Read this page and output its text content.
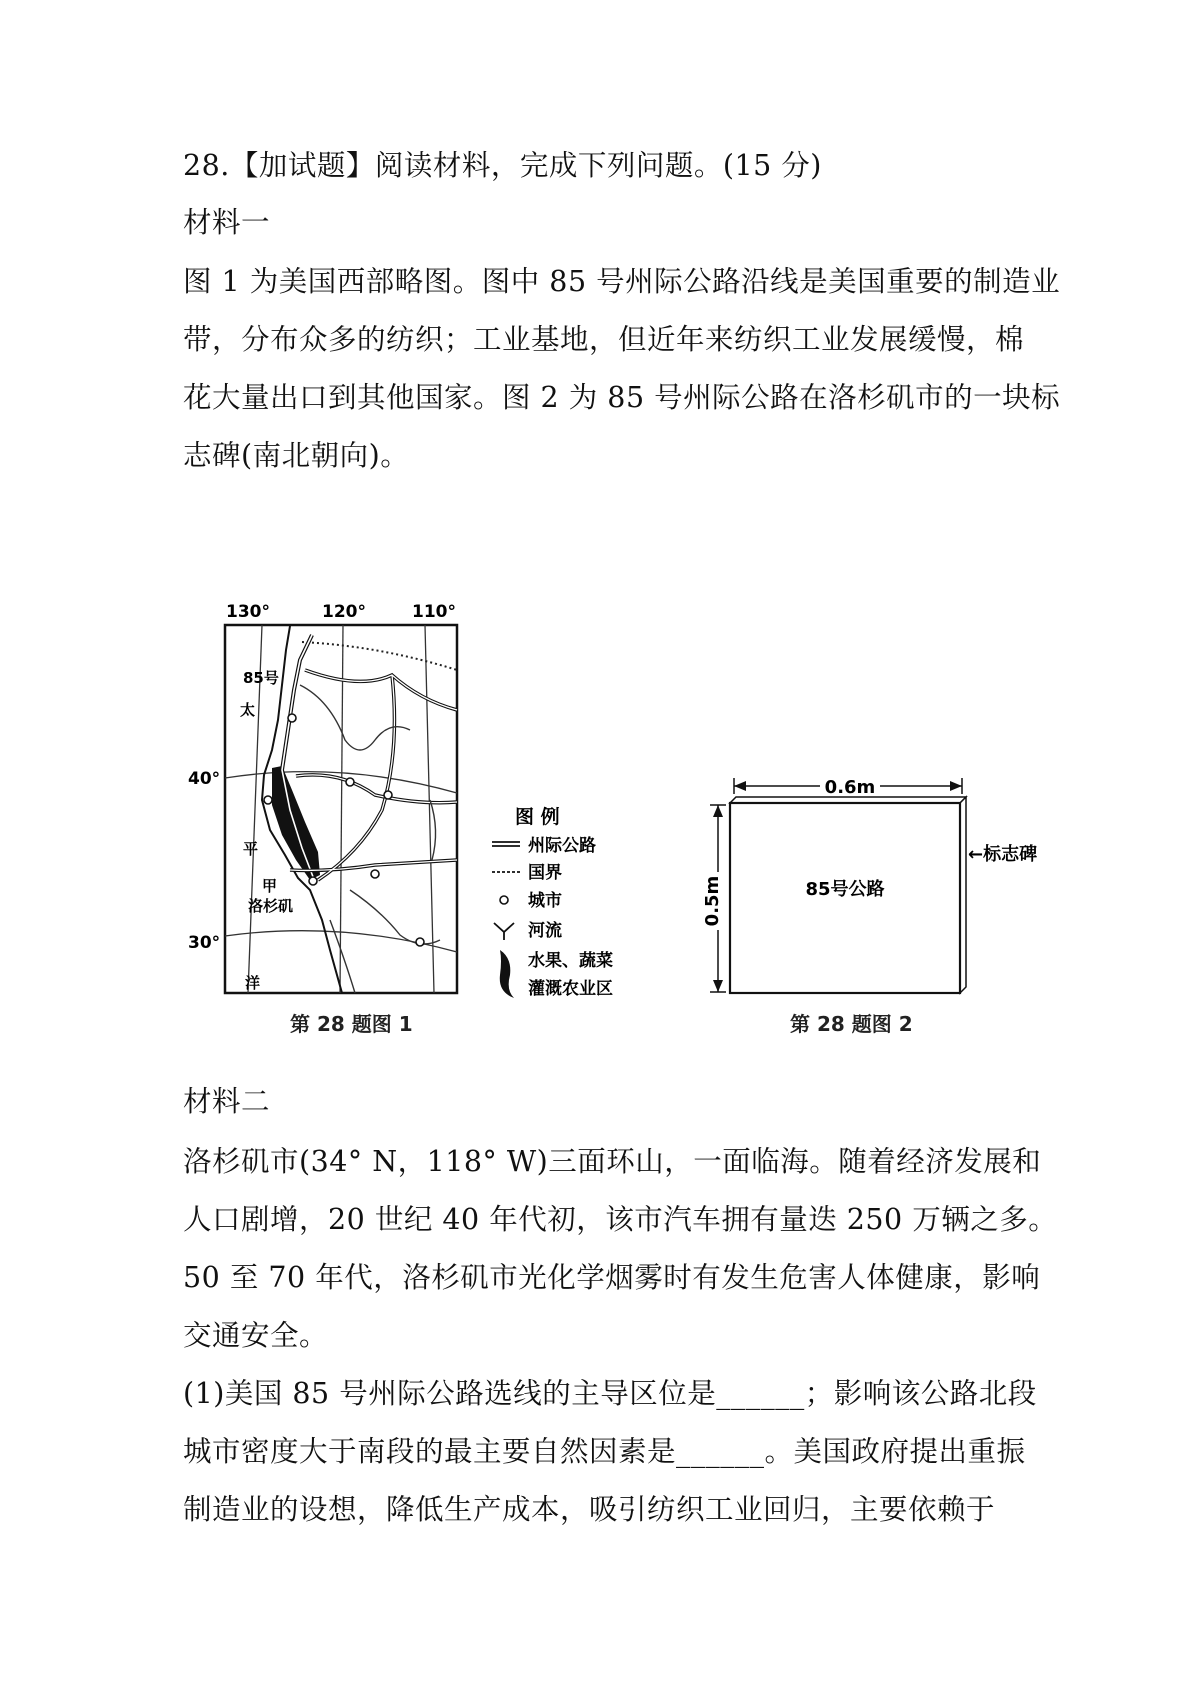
28.【加试题】阅读材料，完成下列问题。(15 分)
材料一
图 1 为美国西部略图。图中 85 号州际公路沿线是美国重要的制造业
带，分布众多的纺织；工业基地，但近年来纺织工业发展缓慢，棉
花大量出口到其他国家。图 2 为 85 号州际公路在洛杉矶市的一块标
志碑(南北朝向)。
130°	120°	110°
40°
30°
85号
太
平
甲
洛杉矶
洋
第 28 题图 1
图 例
州际公路
国界
城市
河流
水果、蔬菜
灌溉农业区
85号公路
0.6m
0.5m
←标志碑
第 28 题图 2
材料二
洛杉矶市(34° N，118° W)三面环山，一面临海。随着经济发展和
人口剧增，20 世纪 40 年代初，该市汽车拥有量迭 250 万辆之多。
50 至 70 年代，洛杉矶市光化学烟雾时有发生危害人体健康，影响
交通安全。
(1)美国 85 号州际公路选线的主导区位是______；影响该公路北段
城市密度大于南段的最主要自然因素是______。美国政府提出重振
制造业的设想，降低生产成本，吸引纺织工业回归，主要依赖于
